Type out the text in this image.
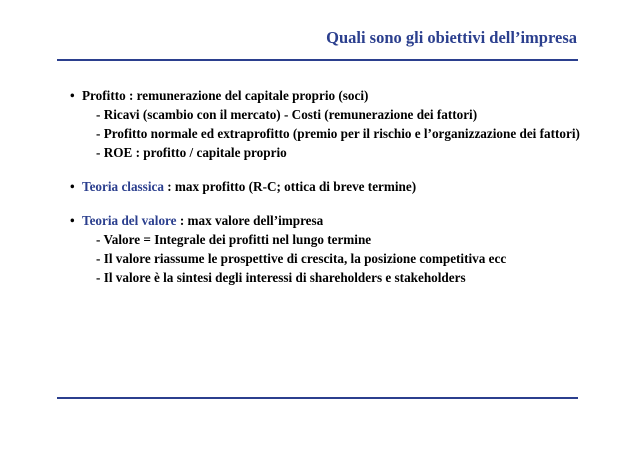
Quali sono gli obiettivi dell’impresa
• Profitto : remunerazione del capitale proprio (soci)
- Ricavi (scambio con il mercato) - Costi (remunerazione dei fattori)
- Profitto normale ed extraprofitto (premio per il rischio e l’organizzazione dei fattori)
- ROE : profitto / capitale proprio
• Teoria classica : max profitto (R-C; ottica di breve termine)
• Teoria del valore : max valore dell’impresa
- Valore = Integrale dei profitti nel lungo termine
- Il valore riassume le prospettive di crescita, la posizione competitiva ecc
- Il valore è la sintesi degli interessi di shareholders e stakeholders
